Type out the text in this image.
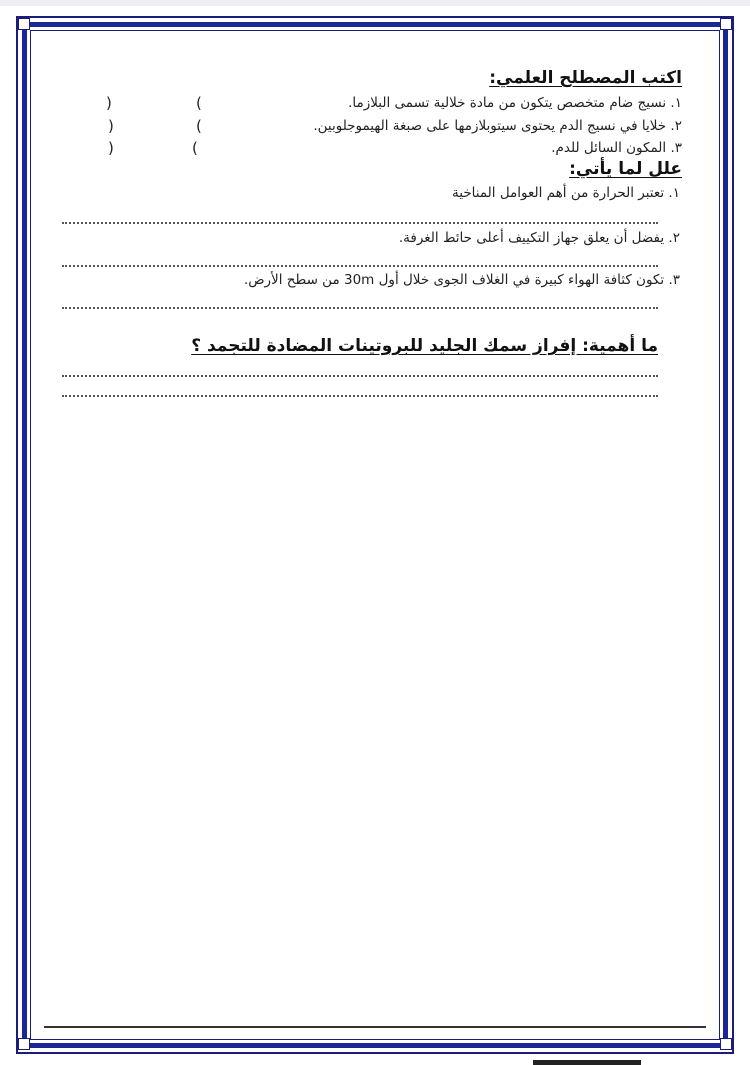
اكتب المصطلح العلمي:
١. نسيج ضام متخصص يتكون من مادة خلالية تسمى البلازما.
(
)
٢. خلايا في نسيج الدم يحتوى سيتوبلازمها على صبغة الهيموجلوبين.
(
)
٣. المكون السائل للدم.
(
)
علل لما يأتي:
١. تعتبر الحرارة من أهم العوامل المناخية
٢. يفضل أن يعلق جهاز التكييف أعلى حائط الغرفة.
٣. تكون كثافة الهواء كبيرة في الغلاف الجوى خلال أول 30m من سطح الأرض.
ما أهمية: إفراز سمك الجليد للبروتينات المضادة للتجمد ؟
